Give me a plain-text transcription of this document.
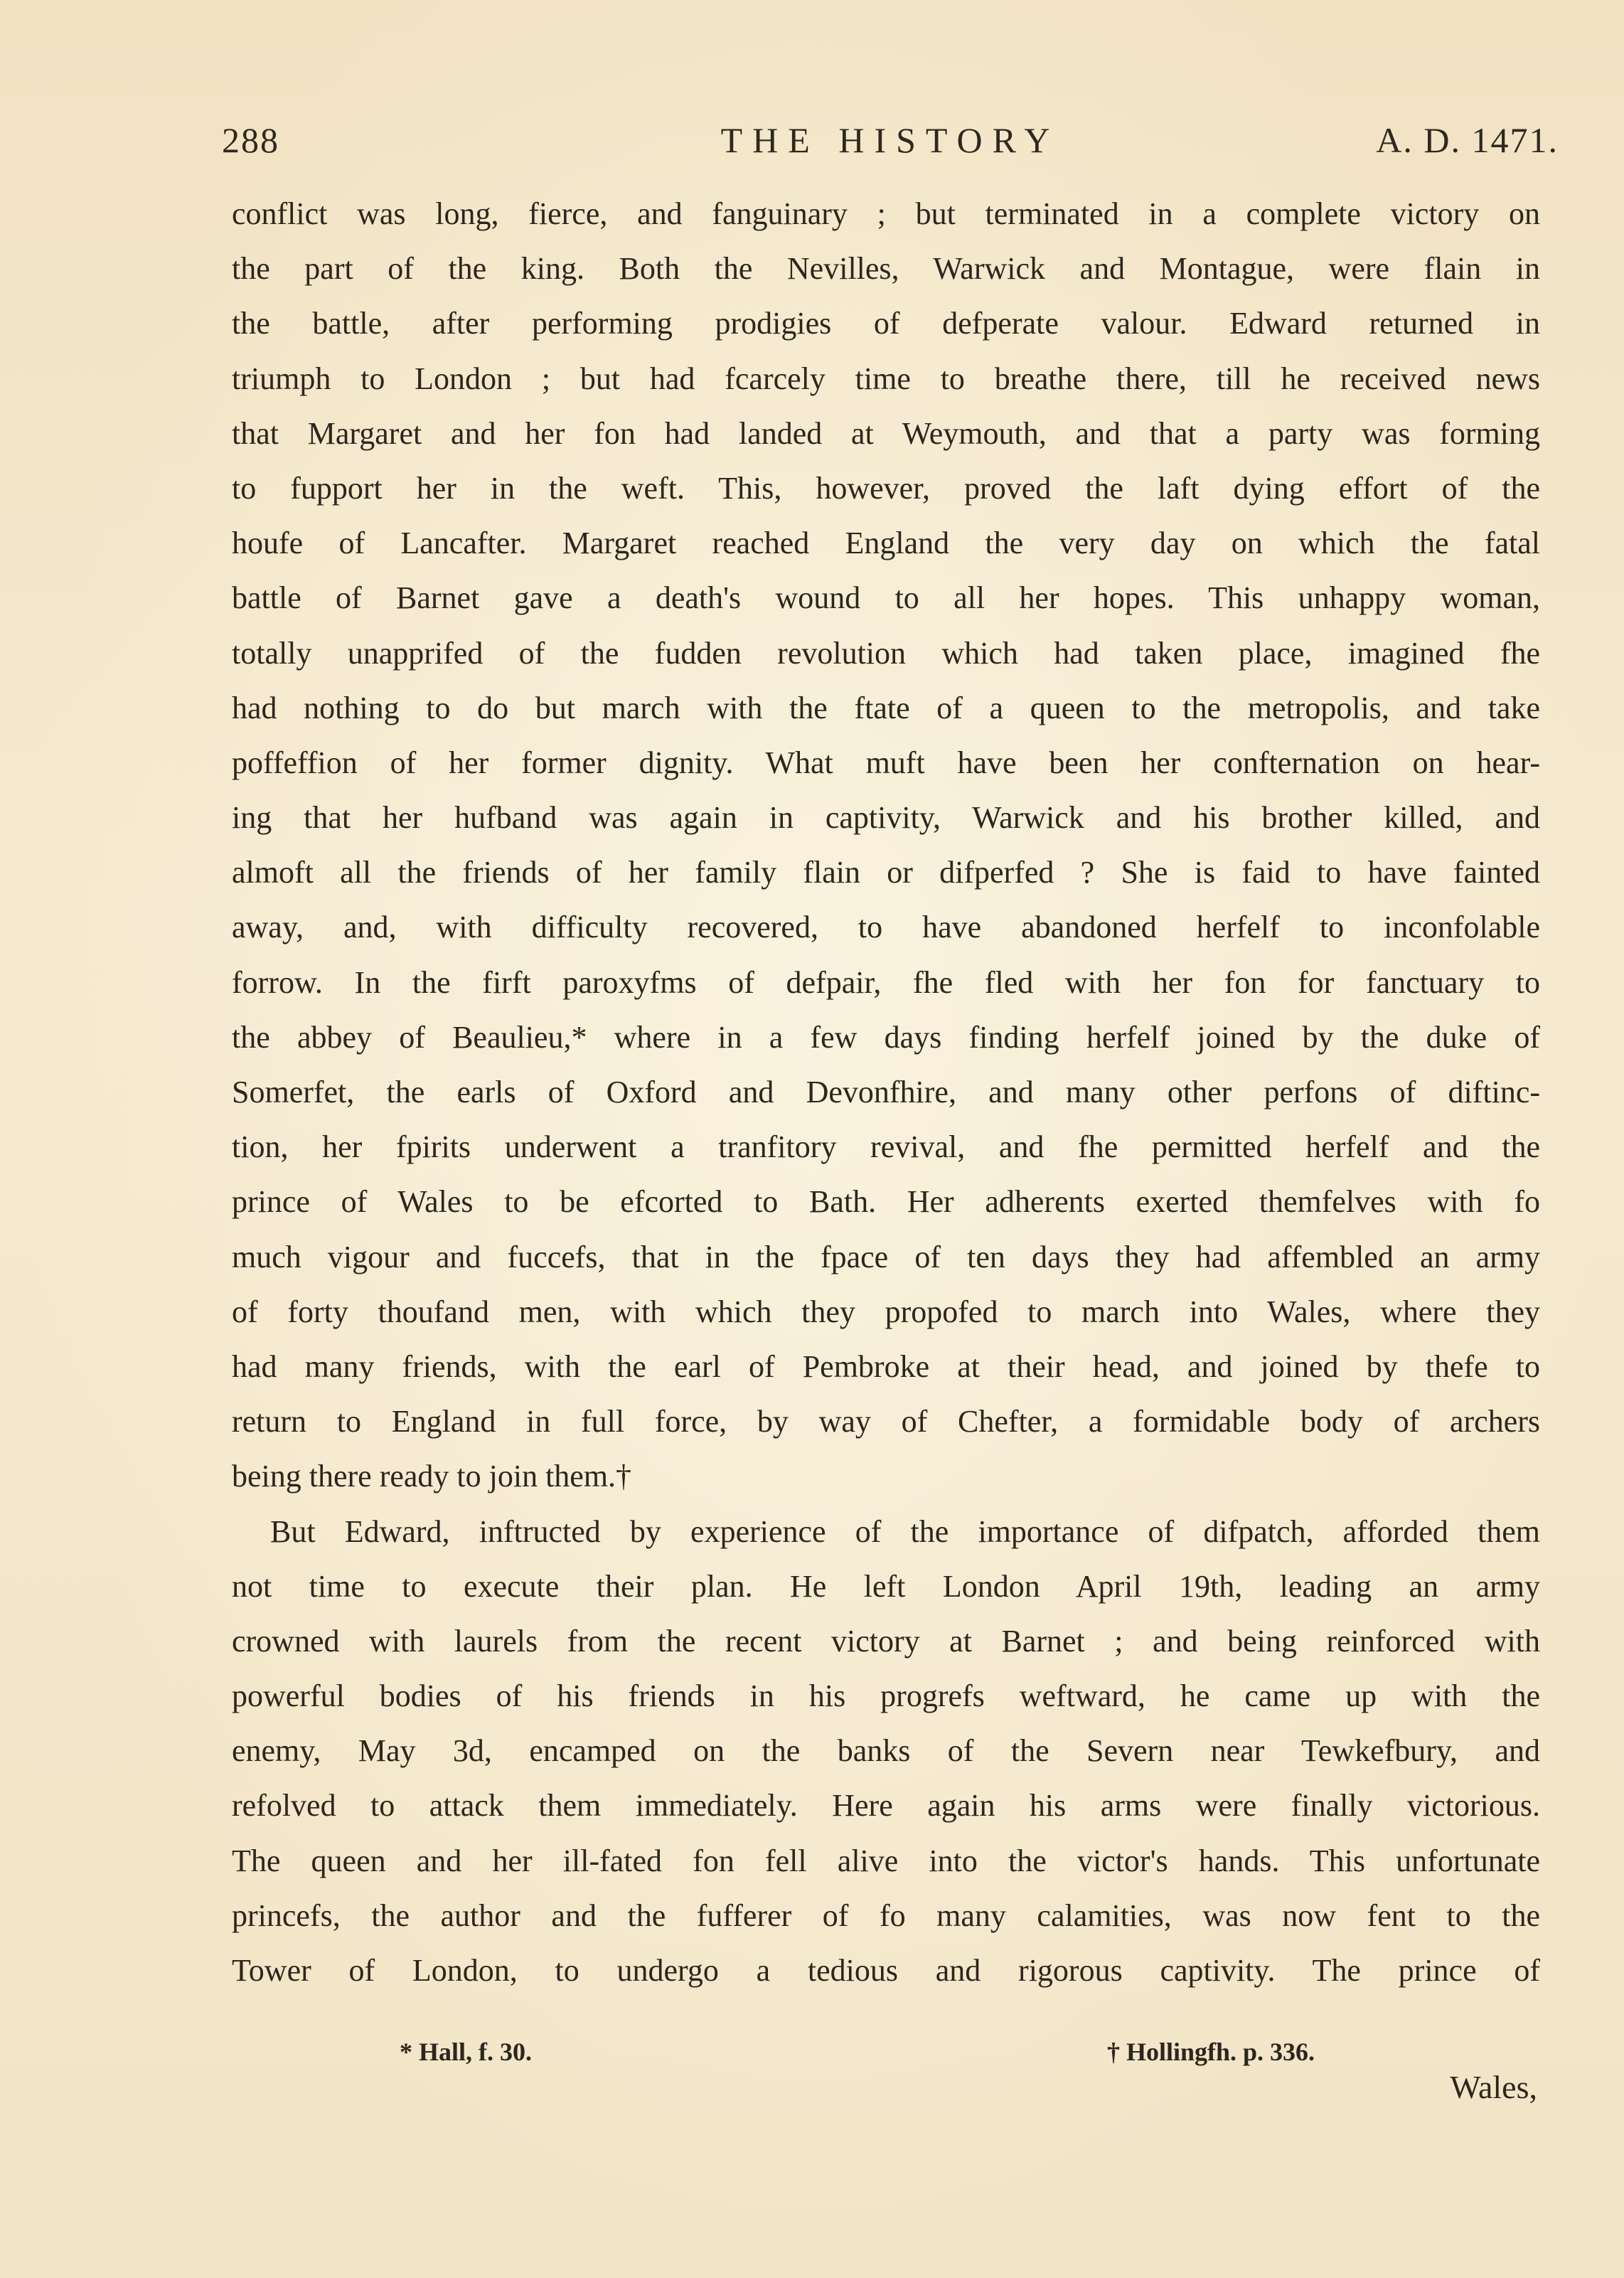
288	THE HISTORY	A. D. 1471.
conflict was long, fierce, and fanguinary ; but terminated in a complete victory on
the part of the king. Both the Nevilles, Warwick and Montague, were flain in
the battle, after performing prodigies of defperate valour. Edward returned in
triumph to London ; but had fcarcely time to breathe there, till he received news
that Margaret and her fon had landed at Weymouth, and that a party was forming
to fupport her in the weft. This, however, proved the laft dying effort of the
houfe of Lancafter. Margaret reached England the very day on which the fatal
battle of Barnet gave a death's wound to all her hopes. This unhappy woman,
totally unapprifed of the fudden revolution which had taken place, imagined fhe
had nothing to do but march with the ftate of a queen to the metropolis, and take
poffeffion of her former dignity. What muft have been her confternation on hear-
ing that her hufband was again in captivity, Warwick and his brother killed, and
almoft all the friends of her family flain or difperfed ? She is faid to have fainted
away, and, with difficulty recovered, to have abandoned herfelf to inconfolable
forrow. In the firft paroxyfms of defpair, fhe fled with her fon for fanctuary to
the abbey of Beaulieu,* where in a few days finding herfelf joined by the duke of
Somerfet, the earls of Oxford and Devonfhire, and many other perfons of diftinc-
tion, her fpirits underwent a tranfitory revival, and fhe permitted herfelf and the
prince of Wales to be efcorted to Bath. Her adherents exerted themfelves with fo
much vigour and fuccefs, that in the fpace of ten days they had affembled an army
of forty thoufand men, with which they propofed to march into Wales, where they
had many friends, with the earl of Pembroke at their head, and joined by thefe to
return to England in full force, by way of Chefter, a formidable body of archers
being there ready to join them.†
But Edward, inftructed by experience of the importance of difpatch, afforded them
not time to execute their plan. He left London April 19th, leading an army
crowned with laurels from the recent victory at Barnet ; and being reinforced with
powerful bodies of his friends in his progrefs weftward, he came up with the
enemy, May 3d, encamped on the banks of the Severn near Tewkefbury, and
refolved to attack them immediately. Here again his arms were finally victorious.
The queen and her ill-fated fon fell alive into the victor's hands. This unfortunate
princefs, the author and the fufferer of fo many calamities, was now fent to the
Tower of London, to undergo a tedious and rigorous captivity. The prince of
* Hall, f. 30.	† Hollingfh. p. 336.
Wales,
